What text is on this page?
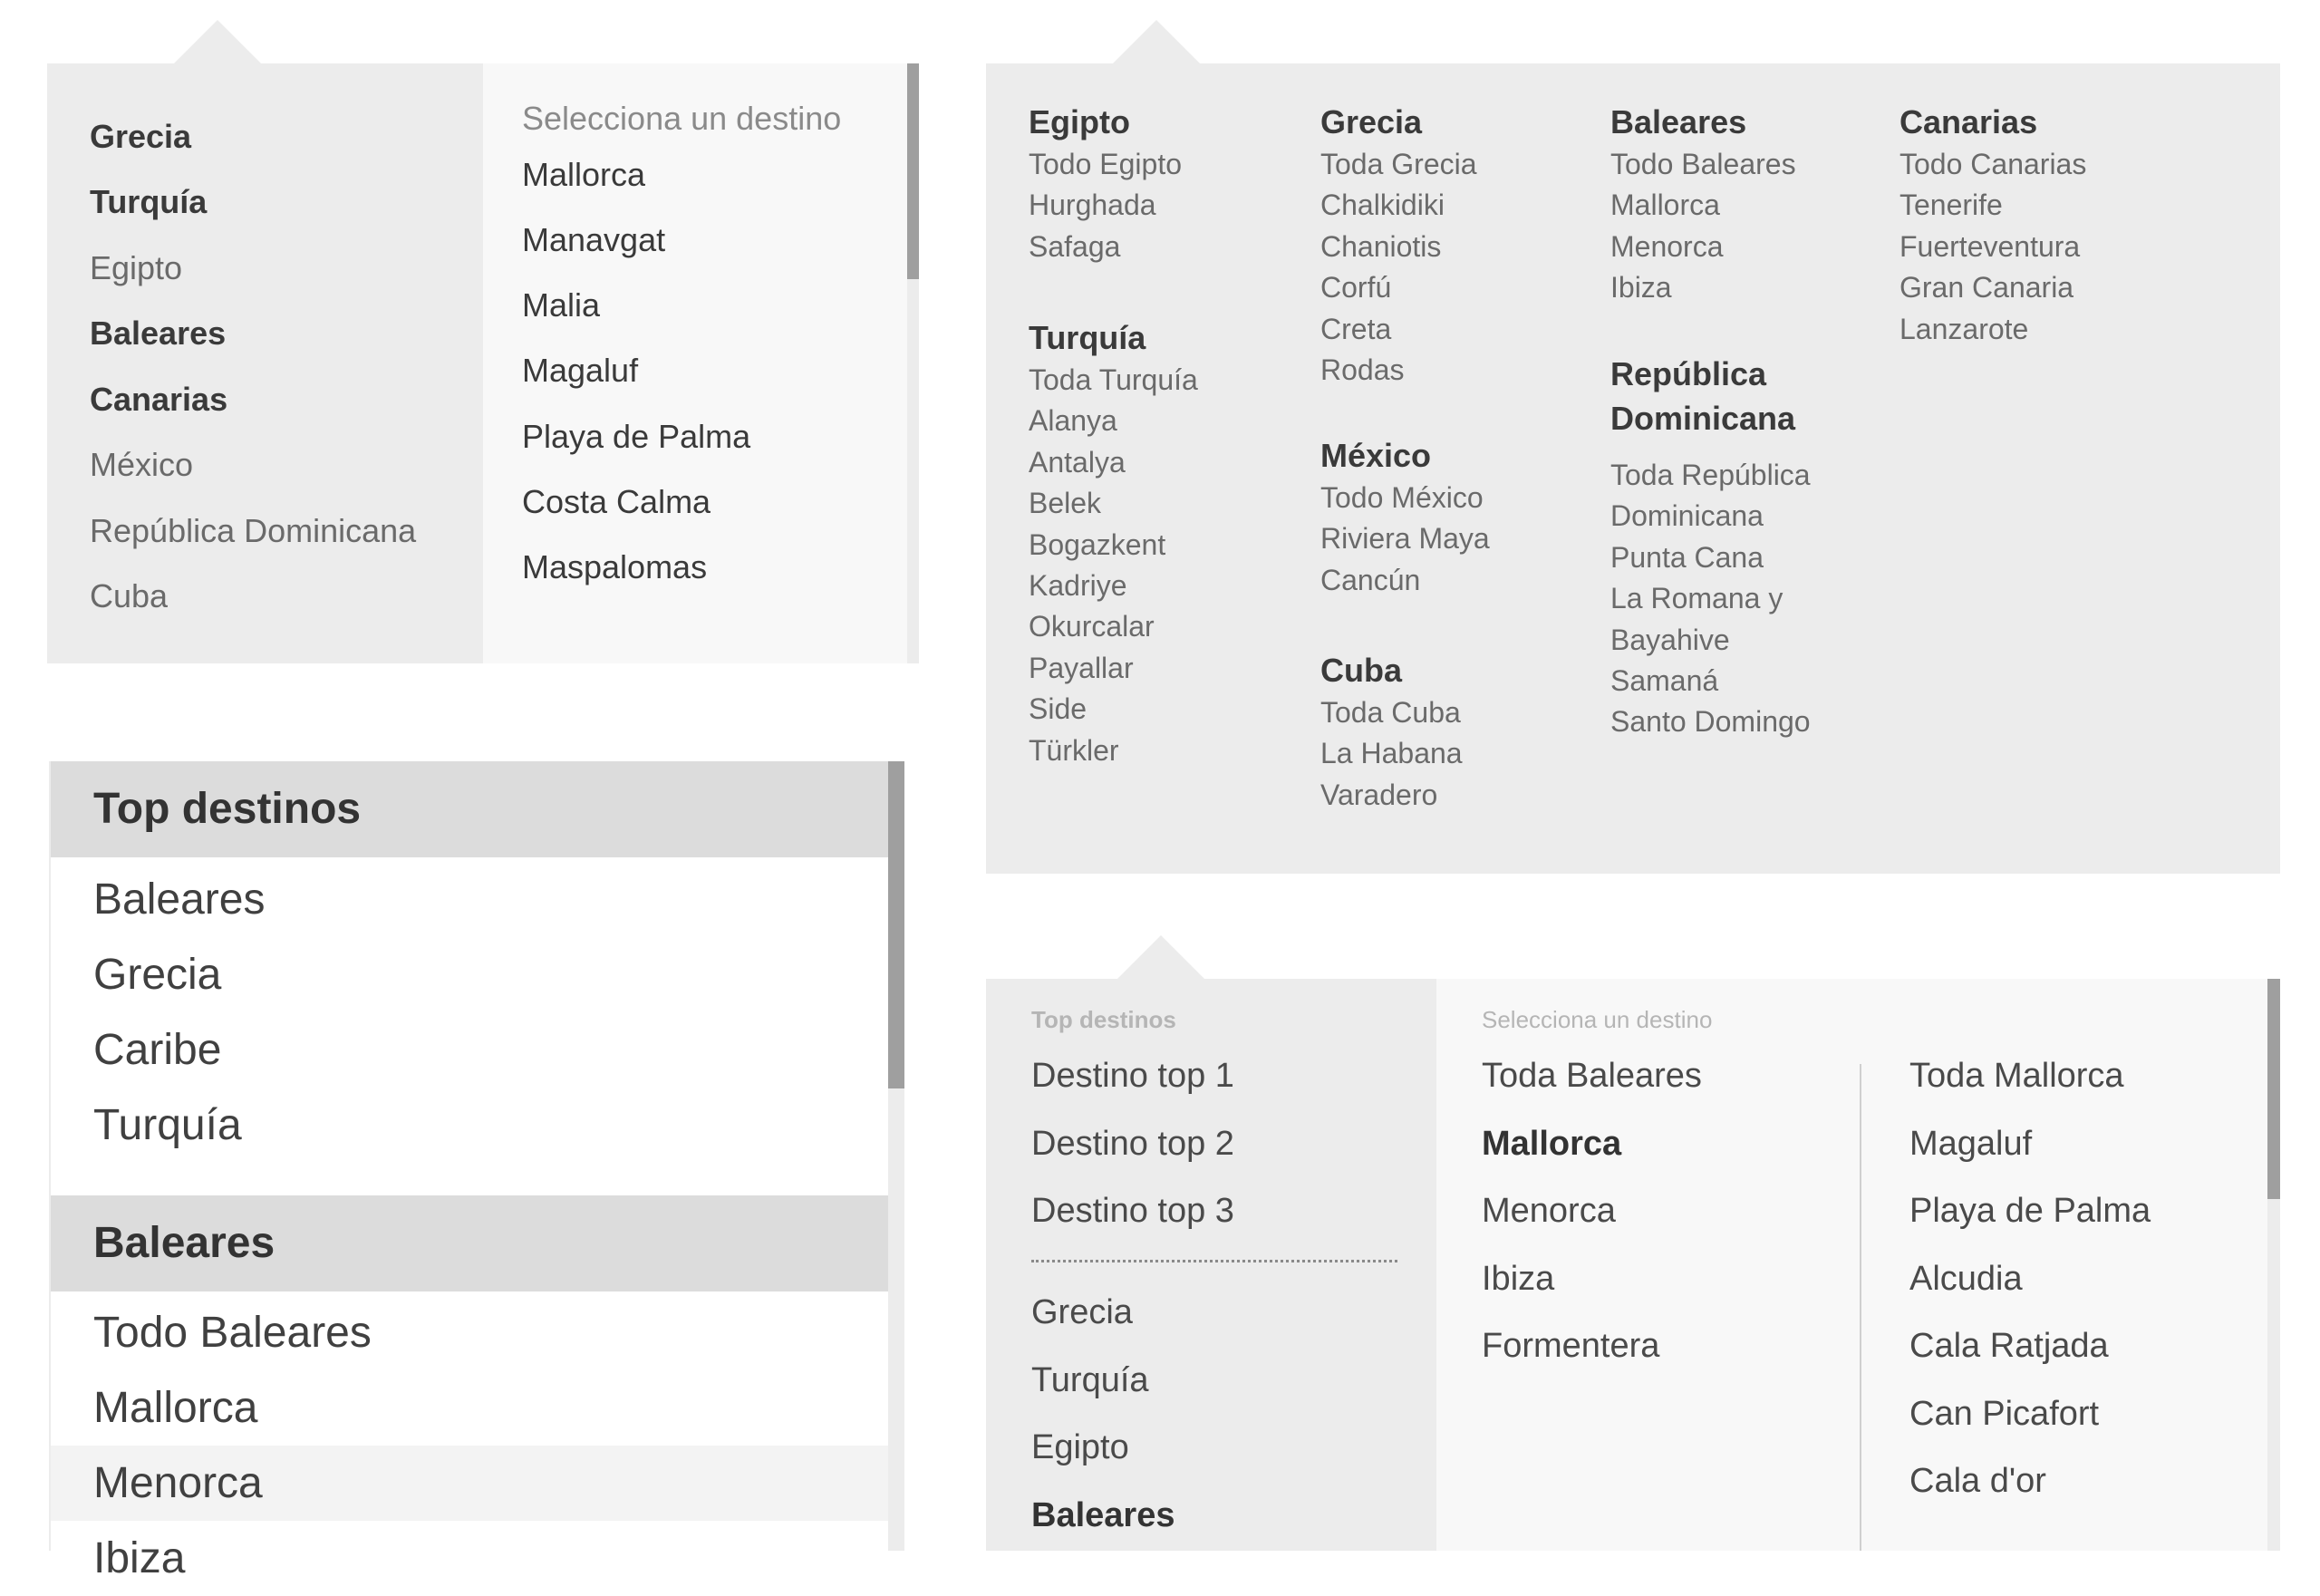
Grecia
Turquía
Egipto
Baleares
Canarias
México
República Dominicana
Cuba
Selecciona un destino
Mallorca
Manavgat
Malia
Magaluf
Playa de Palma
Costa Calma
Maspalomas
Egipto
Todo Egipto
Hurghada
Safaga
Turquía
Toda Turquía
Alanya
Antalya
Belek
Bogazkent
Kadriye
Okurcalar
Payallar
Side
Türkler
Grecia
Toda Grecia
Chalkidiki
Chaniotis
Corfú
Creta
Rodas
México
Todo México
Riviera Maya
Cancún
Cuba
Toda Cuba
La Habana
Varadero
Baleares
Todo Baleares
Mallorca
Menorca
Ibiza
República
Dominicana
Toda República
Dominicana
Punta Cana
La Romana y
Bayahive
Samaná
Santo Domingo
Canarias
Todo Canarias
Tenerife
Fuerteventura
Gran Canaria
Lanzarote
Top destinos
Baleares
Grecia
Caribe
Turquía
Baleares
Todo Baleares
Mallorca
Menorca
Ibiza
Top destinos
Destino top 1
Destino top 2
Destino top 3
Grecia
Turquía
Egipto
Baleares
Selecciona un destino
Toda Baleares
Mallorca
Menorca
Ibiza
Formentera
Toda Mallorca
Magaluf
Playa de Palma
Alcudia
Cala Ratjada
Can Picafort
Cala d'or
